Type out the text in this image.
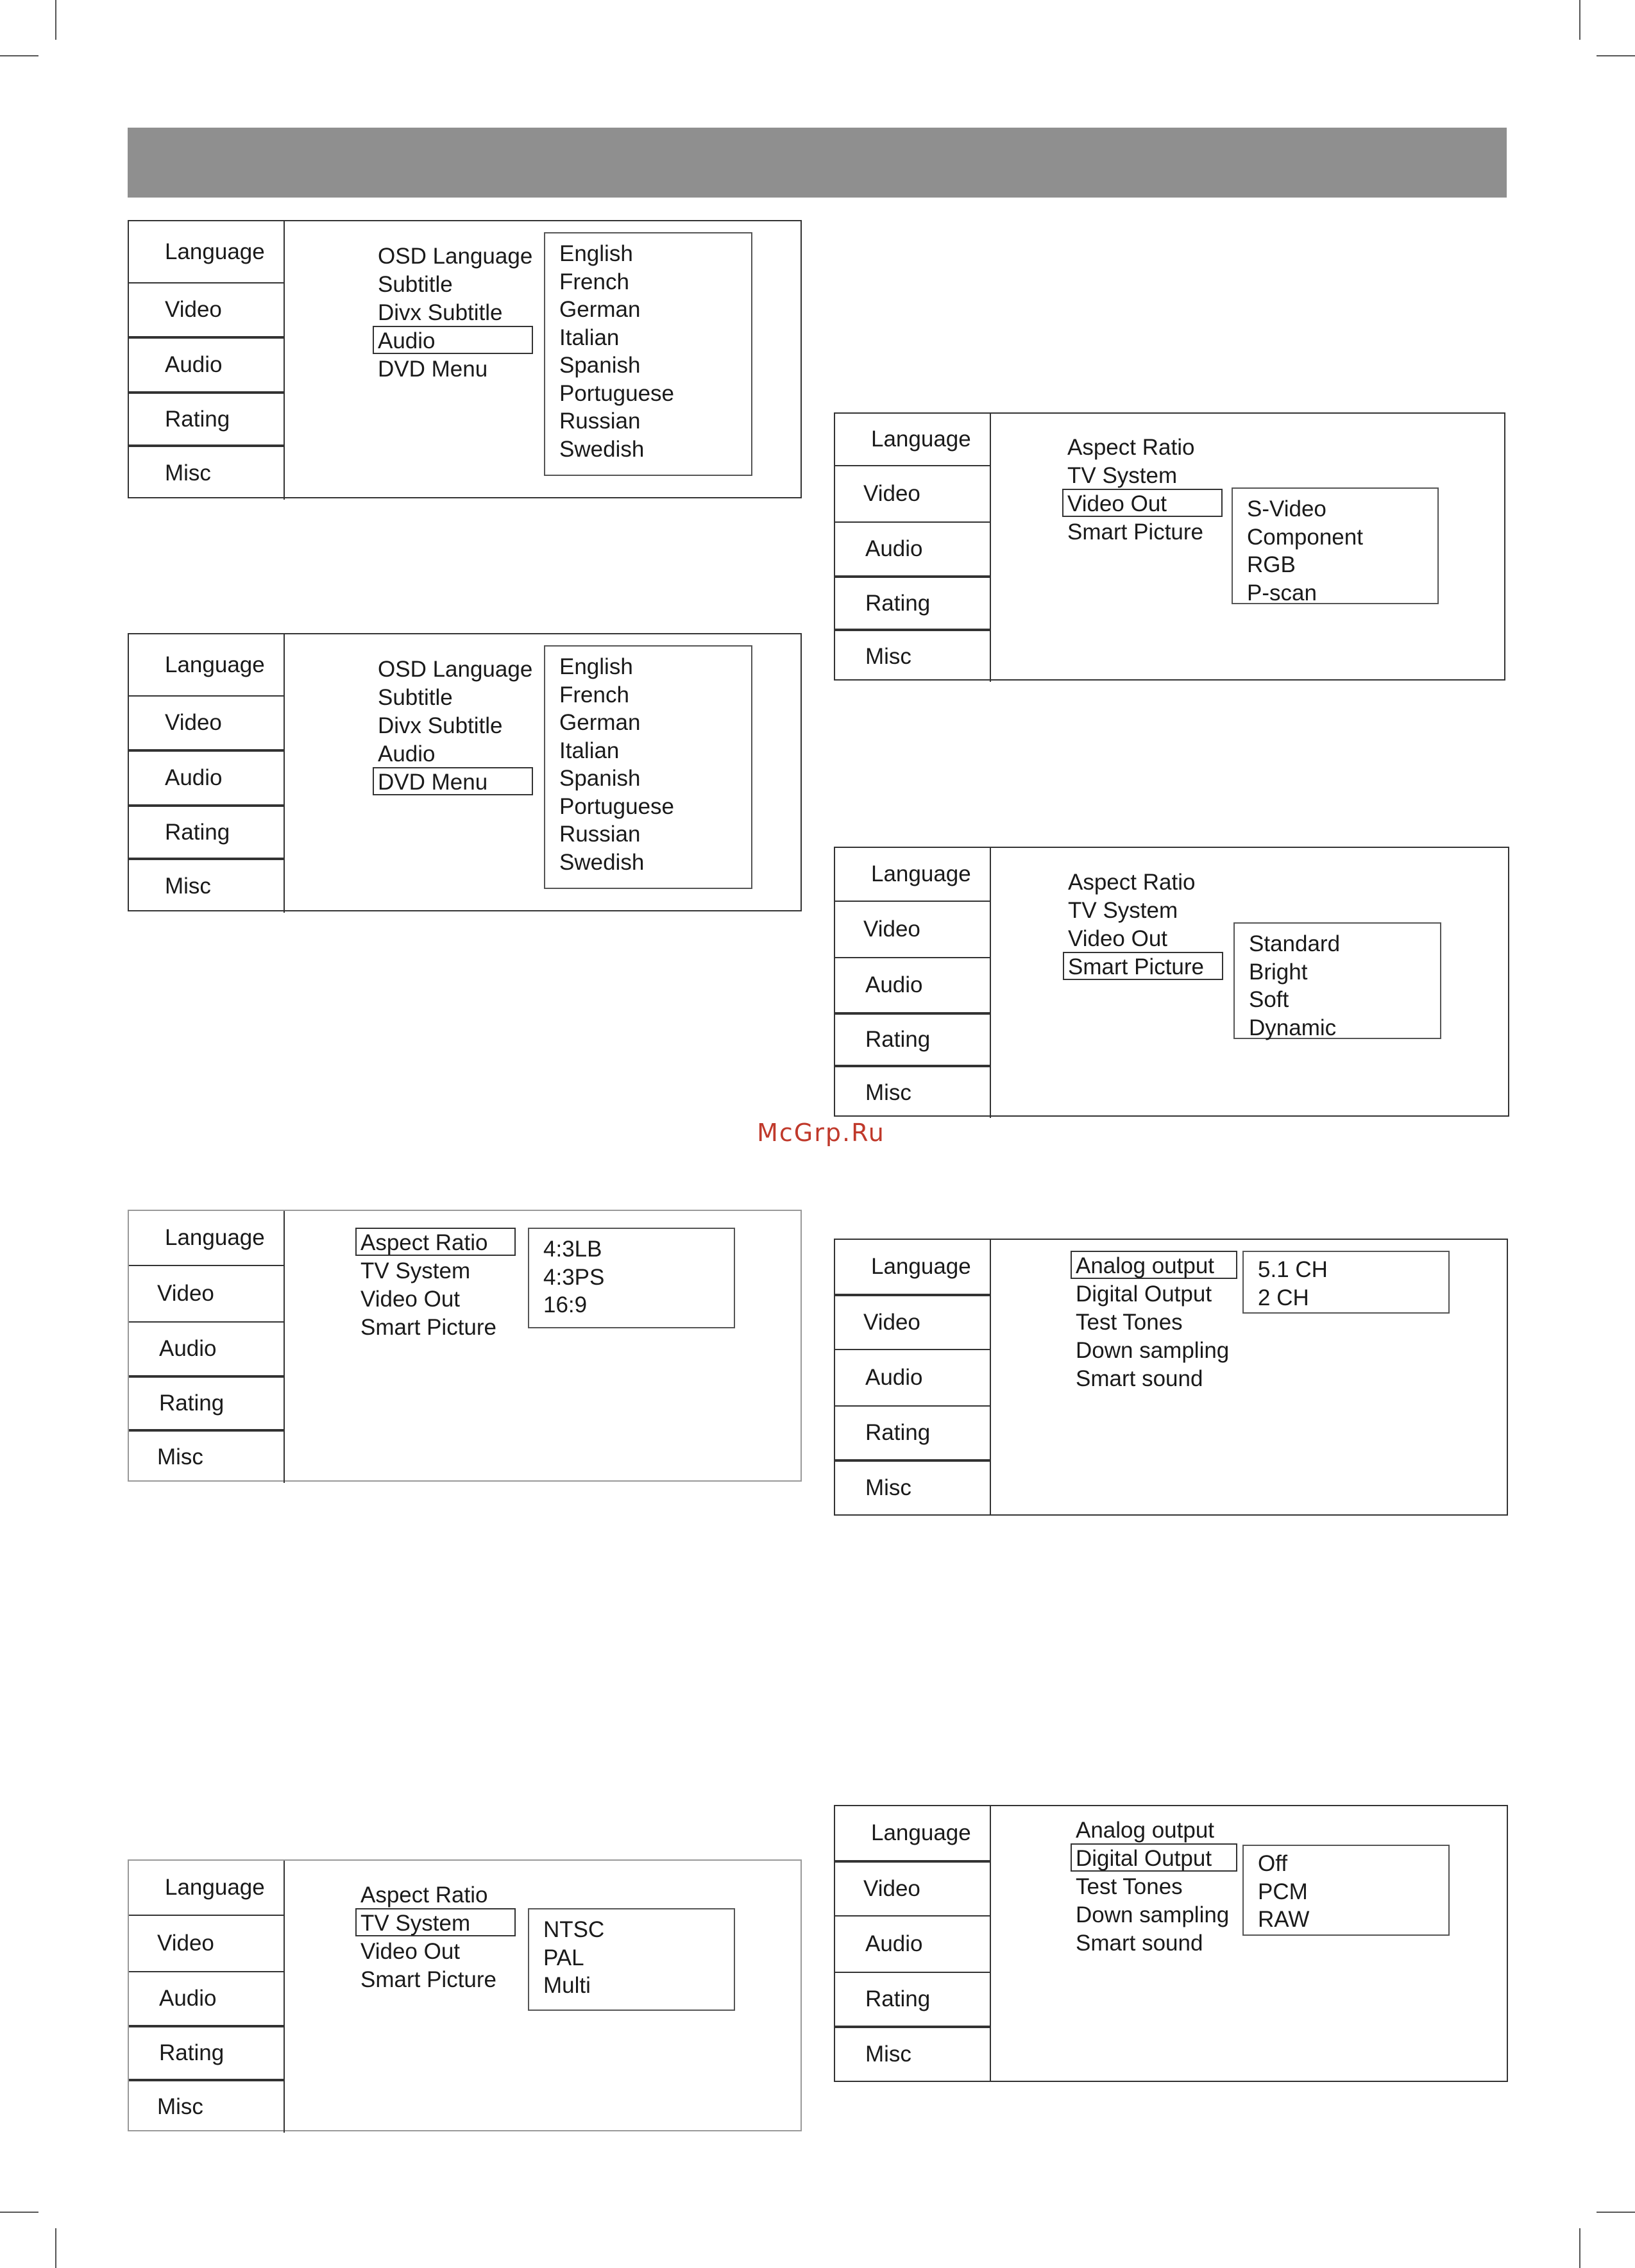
Language
Video
Audio
Rating
Misc
OSD Language
Subtitle
Divx Subtitle
Audio
DVD Menu
English
French
German
Italian
Spanish
Portuguese
Russian
Swedish
Language
Video
Audio
Rating
Misc
OSD Language
Subtitle
Divx Subtitle
Audio
DVD Menu
English
French
German
Italian
Spanish
Portuguese
Russian
Swedish
Language
Video
Audio
Rating
Misc
Aspect Ratio
TV System
Video Out
Smart Picture
4:3LB
4:3PS
16:9
Language
Video
Audio
Rating
Misc
Aspect Ratio
TV System
Video Out
Smart Picture
NTSC
PAL
Multi
Language
Video
Audio
Rating
Misc
Aspect Ratio
TV System
Video Out
Smart Picture
S-Video
Component
RGB
P-scan
Language
Video
Audio
Rating
Misc
Aspect Ratio
TV System
Video Out
Smart Picture
Standard
Bright
Soft
Dynamic
Language
Video
Audio
Rating
Misc
Analog output
Digital Output
Test Tones
Down sampling
Smart sound
5.1 CH
2 CH
Language
Video
Audio
Rating
Misc
Analog output
Digital Output
Test Tones
Down sampling
Smart sound
Off
PCM
RAW
McGrp.Ru
